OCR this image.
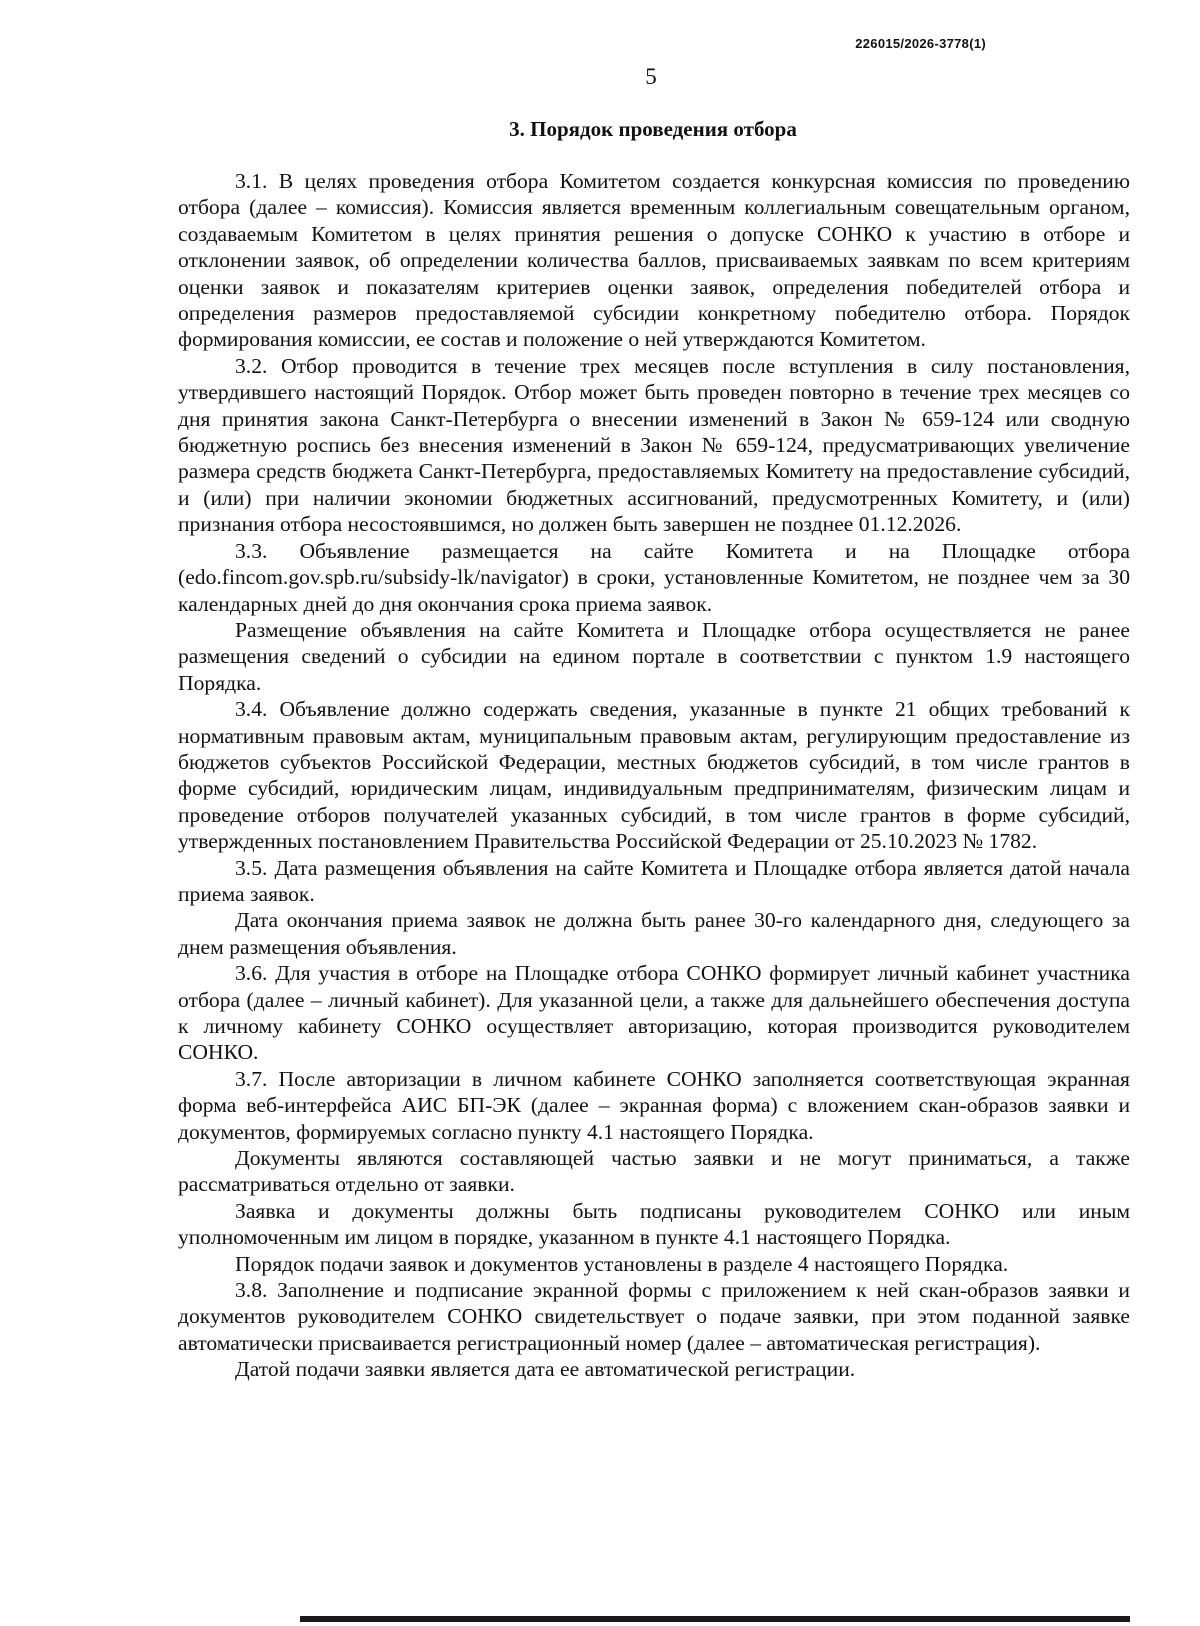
226015/2026-3778(1)
5
3. Порядок проведения отбора

3.1. В целях проведения отбора Комитетом создается конкурсная комиссия по проведению отбора (далее – комиссия). Комиссия является временным коллегиальным совещательным органом, создаваемым Комитетом в целях принятия решения о допуске СОНКО к участию в отборе и отклонении заявок, об определении количества баллов, присваиваемых заявкам по всем критериям оценки заявок и показателям критериев оценки заявок, определения победителей отбора и определения размеров предоставляемой субсидии конкретному победителю отбора. Порядок формирования комиссии, ее состав и положение о ней утверждаются Комитетом.

3.2. Отбор проводится в течение трех месяцев после вступления в силу постановления, утвердившего настоящий Порядок. Отбор может быть проведен повторно в течение трех месяцев со дня принятия закона Санкт-Петербурга о внесении изменений в Закон № 659-124 или сводную бюджетную роспись без внесения изменений в Закон № 659-124, предусматривающих увеличение размера средств бюджета Санкт-Петербурга, предоставляемых Комитету на предоставление субсидий, и (или) при наличии экономии бюджетных ассигнований, предусмотренных Комитету, и (или) признания отбора несостоявшимся, но должен быть завершен не позднее 01.12.2026.

3.3. Объявление размещается на сайте Комитета и на Площадке отбора (edo.fincom.gov.spb.ru/subsidy-lk/navigator) в сроки, установленные Комитетом, не позднее чем за 30 календарных дней до дня окончания срока приема заявок.

Размещение объявления на сайте Комитета и Площадке отбора осуществляется не ранее размещения сведений о субсидии на едином портале в соответствии с пунктом 1.9 настоящего Порядка.

3.4. Объявление должно содержать сведения, указанные в пункте 21 общих требований к нормативным правовым актам, муниципальным правовым актам, регулирующим предоставление из бюджетов субъектов Российской Федерации, местных бюджетов субсидий, в том числе грантов в форме субсидий, юридическим лицам, индивидуальным предпринимателям, физическим лицам и проведение отборов получателей указанных субсидий, в том числе грантов в форме субсидий, утвержденных постановлением Правительства Российской Федерации от 25.10.2023 № 1782.

3.5. Дата размещения объявления на сайте Комитета и Площадке отбора является датой начала приема заявок.

Дата окончания приема заявок не должна быть ранее 30-го календарного дня, следующего за днем размещения объявления.

3.6. Для участия в отборе на Площадке отбора СОНКО формирует личный кабинет участника отбора (далее – личный кабинет). Для указанной цели, а также для дальнейшего обеспечения доступа к личному кабинету СОНКО осуществляет авторизацию, которая производится руководителем СОНКО.

3.7. После авторизации в личном кабинете СОНКО заполняется соответствующая экранная форма веб-интерфейса АИС БП-ЭК (далее – экранная форма) с вложением скан-образов заявки и документов, формируемых согласно пункту 4.1 настоящего Порядка.

Документы являются составляющей частью заявки и не могут приниматься, а также рассматриваться отдельно от заявки.

Заявка и документы должны быть подписаны руководителем СОНКО или иным уполномоченным им лицом в порядке, указанном в пункте 4.1 настоящего Порядка.

Порядок подачи заявок и документов установлены в разделе 4 настоящего Порядка.

3.8. Заполнение и подписание экранной формы с приложением к ней скан-образов заявки и документов руководителем СОНКО свидетельствует о подаче заявки, при этом поданной заявке автоматически присваивается регистрационный номер (далее – автоматическая регистрация).

Датой подачи заявки является дата ее автоматической регистрации.
